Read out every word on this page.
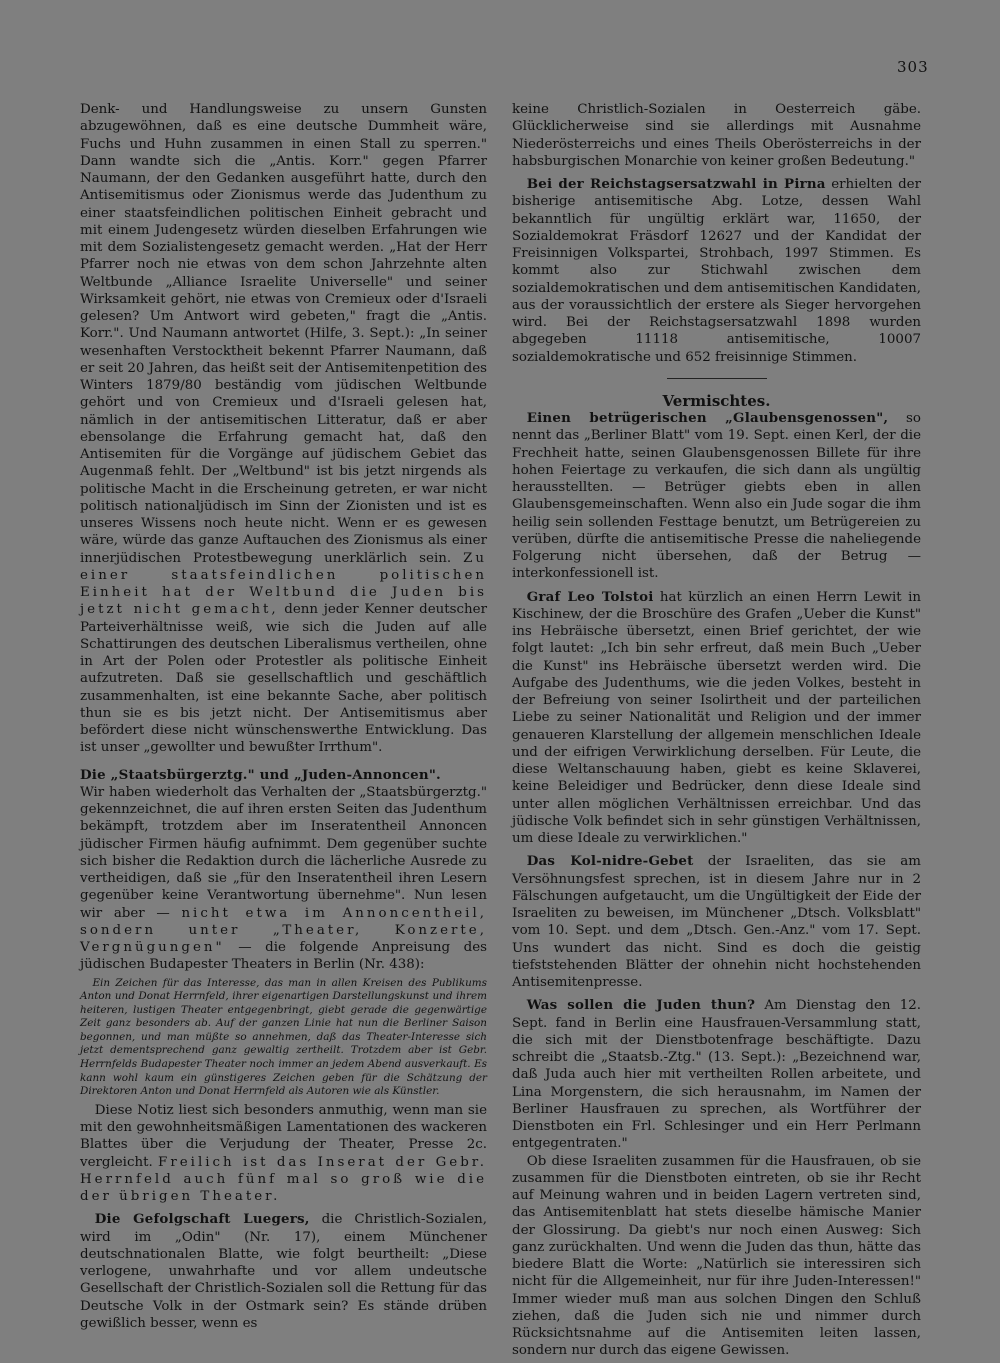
303

Denk- und Handlungsweise zu unsern Gunsten abzugewöhnen, daß es eine deutsche Dummheit wäre, Fuchs und Huhn zusammen in einen Stall zu sperren." Dann wandte sich die „Antis. Korr." gegen Pfarrer Naumann, der den Gedanken ausgeführt hatte, durch den Antisemitismus oder Zionismus werde das Judenthum zu einer staatsfeindlichen politischen Einheit gebracht und mit einem Judengesetz würden dieselben Erfahrungen wie mit dem Sozialistengesetz gemacht werden. „Hat der Herr Pfarrer noch nie etwas von dem schon Jahrzehnte alten Weltbunde „Alliance Israelite Universelle" und seiner Wirksamkeit gehört, nie etwas von Cremieux oder d'Israeli gelesen? Um Antwort wird gebeten," fragt die „Antis. Korr.". Und Naumann antwortet (Hilfe, 3. Sept.): „In seiner wesenhaften Verstocktheit bekennt Pfarrer Naumann, daß er seit 20 Jahren, das heißt seit der Antisemitenpetition des Winters 1879/80 beständig vom jüdischen Weltbunde gehört und von Cremieux und d'Israeli gelesen hat, nämlich in der antisemitischen Litteratur, daß er aber ebensolange die Erfahrung gemacht hat, daß den Antisemiten für die Vorgänge auf jüdischem Gebiet das Augenmaß fehlt. Der „Weltbund" ist bis jetzt nirgends als politische Macht in die Erscheinung getreten, er war nicht politisch nationaljüdisch im Sinn der Zionisten und ist es unseres Wissens noch heute nicht. Wenn er es gewesen wäre, würde das ganze Auftauchen des Zionismus als einer innerjüdischen Protestbewegung unerklärlich sein. Zu einer staatsfeindlichen politischen Einheit hat der Weltbund die Juden bis jetzt nicht gemacht, denn jeder Kenner deutscher Parteiverhältnisse weiß, wie sich die Juden auf alle Schattirungen des deutschen Liberalismus vertheilen, ohne in Art der Polen oder Protestler als politische Einheit aufzutreten. Daß sie gesellschaftlich und geschäftlich zusammenhalten, ist eine bekannte Sache, aber politisch thun sie es bis jetzt nicht. Der Antisemitismus aber befördert diese nicht wünschenswerthe Entwicklung. Das ist unser „gewollter und bewußter Irrthum".

Die „Staatsbürgerztg." und „Juden-Annoncen".

Wir haben wiederholt das Verhalten der „Staatsbürgerztg." gekennzeichnet, die auf ihren ersten Seiten das Judenthum bekämpft, trotzdem aber im Inseratentheil Annoncen jüdischer Firmen häufig aufnimmt. Dem gegenüber suchte sich bisher die Redaktion durch die lächerliche Ausrede zu vertheidigen, daß sie „für den Inseratentheil ihren Lesern gegenüber keine Verantwortung übernehme". Nun lesen wir aber — nicht etwa im Annoncentheil, sondern unter „Theater, Konzerte, Vergnügungen" — die folgende Anpreisung des jüdischen Budapester Theaters in Berlin (Nr. 438):

Ein Zeichen für das Interesse, das man in allen Kreisen des Publikums Anton und Donat Herrnfeld, ihrer eigenartigen Darstellungskunst und ihrem heiteren, lustigen Theater entgegenbringt, giebt gerade die gegenwärtige Zeit ganz besonders ab. Auf der ganzen Linie hat nun die Berliner Saison begonnen, und man müßte so annehmen, daß das Theater-Interesse sich jetzt dementsprechend ganz gewaltig zertheilt. Trotzdem aber ist Gebr. Herrnfelds Budapester Theater noch immer an jedem Abend ausverkauft. Es kann wohl kaum ein günstigeres Zeichen geben für die Schätzung der Direktoren Anton und Donat Herrnfeld als Autoren wie als Künstler.

Diese Notiz liest sich besonders anmuthig, wenn man sie mit den gewohnheitsmäßigen Lamentationen des wackeren Blattes über die Verjudung der Theater, Presse 2c. vergleicht. Freilich ist das Inserat der Gebr. Herrnfeld auch fünf mal so groß wie die der übrigen Theater.

Die Gefolgschaft Luegers, die Christlich-Sozialen, wird im „Odin" (Nr. 17), einem Münchener deutschnationalen Blatte, wie folgt beurtheilt: „Diese verlogene, unwahrhafte und vor allem undeutsche Gesellschaft der Christlich-Sozialen soll die Rettung für das Deutsche Volk in der Ostmark sein? Es stände drüben gewißlich besser, wenn es

keine Christlich-Sozialen in Oesterreich gäbe. Glücklicherweise sind sie allerdings mit Ausnahme Niederösterreichs und eines Theils Oberösterreichs in der habsburgischen Monarchie von keiner großen Bedeutung."

Bei der Reichstagsersatzwahl in Pirna erhielten der bisherige antisemitische Abg. Lotze, dessen Wahl bekanntlich für ungültig erklärt war, 11650, der Sozialdemokrat Fräsdorf 12627 und der Kandidat der Freisinnigen Volkspartei, Strohbach, 1997 Stimmen. Es kommt also zur Stichwahl zwischen dem sozialdemokratischen und dem antisemitischen Kandidaten, aus der voraussichtlich der erstere als Sieger hervorgehen wird. Bei der Reichstagsersatzwahl 1898 wurden abgegeben 11118 antisemitische, 10007 sozialdemokratische und 652 freisinnige Stimmen.

Vermischtes.

Einen betrügerischen „Glaubensgenossen", so nennt das „Berliner Blatt" vom 19. Sept. einen Kerl, der die Frechheit hatte, seinen Glaubensgenossen Billete für ihre hohen Feiertage zu verkaufen, die sich dann als ungültig herausstellten. — Betrüger giebts eben in allen Glaubensgemeinschaften. Wenn also ein Jude sogar die ihm heilig sein sollenden Festtage benutzt, um Betrügereien zu verüben, dürfte die antisemitische Presse die naheliegende Folgerung nicht übersehen, daß der Betrug — interkonfessionell ist.

Graf Leo Tolstoi hat kürzlich an einen Herrn Lewit in Kischinew, der die Broschüre des Grafen „Ueber die Kunst" ins Hebräische übersetzt, einen Brief gerichtet, der wie folgt lautet: „Ich bin sehr erfreut, daß mein Buch „Ueber die Kunst" ins Hebräische übersetzt werden wird. Die Aufgabe des Judenthums, wie die jeden Volkes, besteht in der Befreiung von seiner Isolirtheit und der parteilichen Liebe zu seiner Nationalität und Religion und der immer genaueren Klarstellung der allgemein menschlichen Ideale und der eifrigen Verwirklichung derselben. Für Leute, die diese Weltanschauung haben, giebt es keine Sklaverei, keine Beleidiger und Bedrücker, denn diese Ideale sind unter allen möglichen Verhältnissen erreichbar. Und das jüdische Volk befindet sich in sehr günstigen Verhältnissen, um diese Ideale zu verwirklichen."

Das Kol-nidre-Gebet der Israeliten, das sie am Versöhnungsfest sprechen, ist in diesem Jahre nur in 2 Fälschungen aufgetaucht, um die Ungültigkeit der Eide der Israeliten zu beweisen, im Münchener „Dtsch. Volksblatt" vom 10. Sept. und dem „Dtsch. Gen.-Anz." vom 17. Sept. Uns wundert das nicht. Sind es doch die geistig tiefststehenden Blätter der ohnehin nicht hochstehenden Antisemitenpresse.

Was sollen die Juden thun? Am Dienstag den 12. Sept. fand in Berlin eine Hausfrauen-Versammlung statt, die sich mit der Dienstbotenfrage beschäftigte. Dazu schreibt die „Staatsb.-Ztg." (13. Sept.): „Bezeichnend war, daß Juda auch hier mit vertheilten Rollen arbeitete, und Lina Morgenstern, die sich herausnahm, im Namen der Berliner Hausfrauen zu sprechen, als Wortführer der Dienstboten ein Frl. Schlesinger und ein Herr Perlmann entgegentraten."

Ob diese Israeliten zusammen für die Hausfrauen, ob sie zusammen für die Dienstboten eintreten, ob sie ihr Recht auf Meinung wahren und in beiden Lagern vertreten sind, das Antisemitenblatt hat stets dieselbe hämische Manier der Glossirung. Da giebt's nur noch einen Ausweg: Sich ganz zurückhalten. Und wenn die Juden das thun, hätte das biedere Blatt die Worte: „Natürlich sie interessiren sich nicht für die Allgemeinheit, nur für ihre Juden-Interessen!" Immer wieder muß man aus solchen Dingen den Schluß ziehen, daß die Juden sich nie und nimmer durch Rücksichtsnahme auf die Antisemiten leiten lassen, sondern nur durch das eigene Gewissen.
